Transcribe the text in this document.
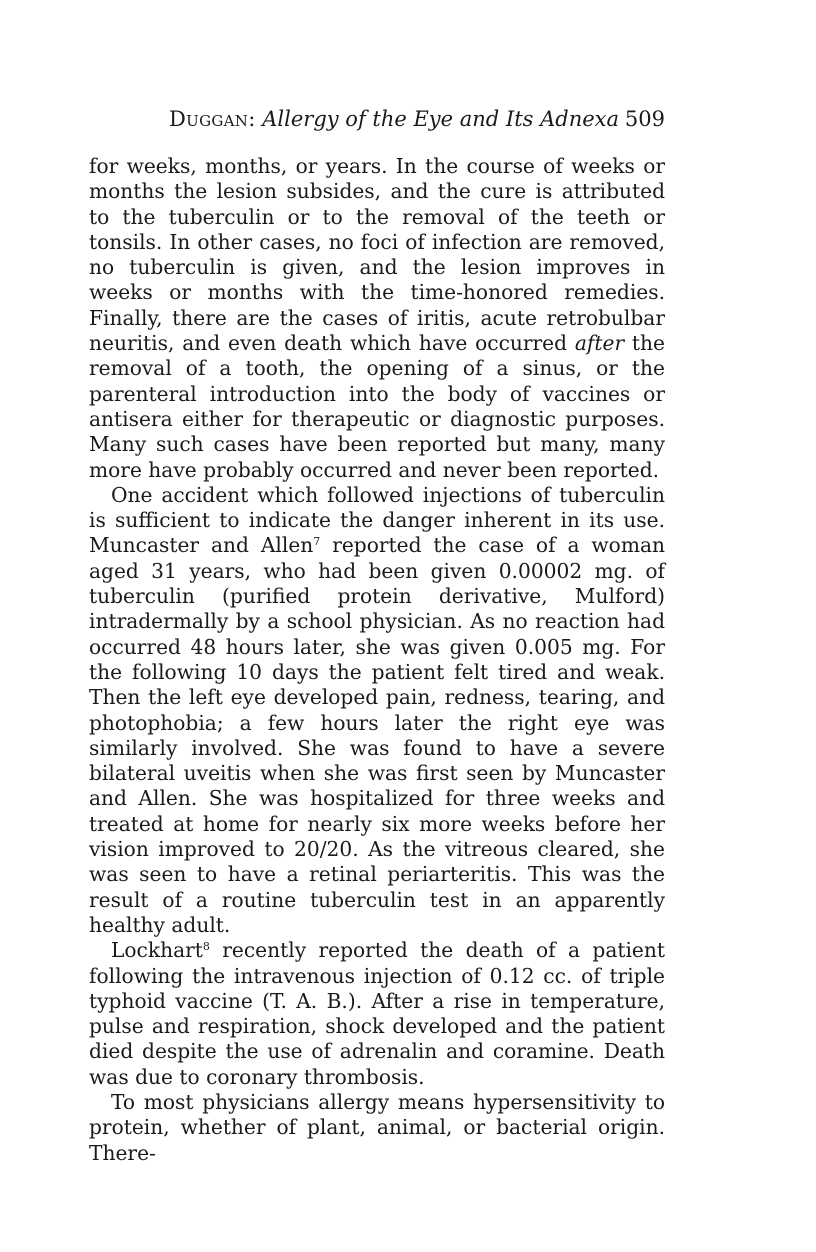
Duggan: Allergy of the Eye and Its Adnexa 509

for weeks, months, or years. In the course of weeks or months the lesion subsides, and the cure is attributed to the tuberculin or to the removal of the teeth or tonsils. In other cases, no foci of infection are removed, no tuberculin is given, and the lesion improves in weeks or months with the time-honored remedies. Finally, there are the cases of iritis, acute retrobulbar neuritis, and even death which have occurred after the removal of a tooth, the opening of a sinus, or the parenteral introduction into the body of vaccines or antisera either for therapeutic or diagnostic purposes. Many such cases have been reported but many, many more have probably occurred and never been reported.

One accident which followed injections of tuberculin is sufficient to indicate the danger inherent in its use. Muncaster and Allen$^7$ reported the case of a woman aged 31 years, who had been given 0.00002 mg. of tuberculin (purified protein derivative, Mulford) intradermally by a school physician. As no reaction had occurred 48 hours later, she was given 0.005 mg. For the following 10 days the patient felt tired and weak. Then the left eye developed pain, redness, tearing, and photophobia; a few hours later the right eye was similarly involved. She was found to have a severe bilateral uveitis when she was first seen by Muncaster and Allen. She was hospitalized for three weeks and treated at home for nearly six more weeks before her vision improved to 20/20. As the vitreous cleared, she was seen to have a retinal periarteritis. This was the result of a routine tuberculin test in an apparently healthy adult.

Lockhart$^8$ recently reported the death of a patient following the intravenous injection of 0.12 cc. of triple typhoid vaccine (T. A. B.). After a rise in temperature, pulse and respiration, shock developed and the patient died despite the use of adrenalin and coramine. Death was due to coronary thrombosis.

To most physicians allergy means hypersensitivity to protein, whether of plant, animal, or bacterial origin. There-
